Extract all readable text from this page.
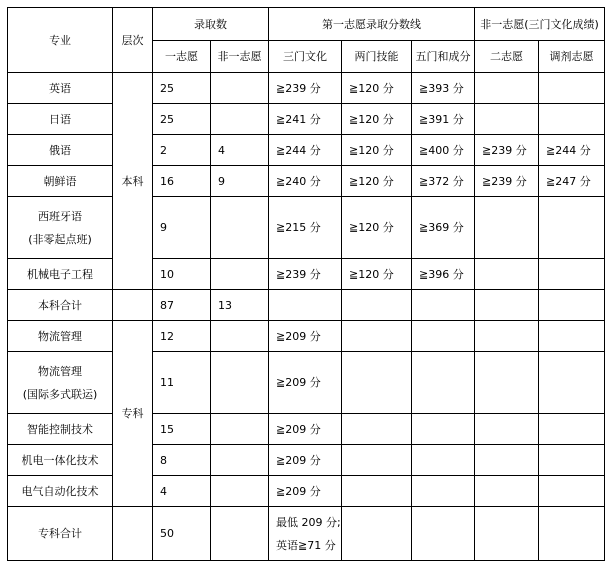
专业	层次	录取数		第一志愿录取分数线			非一志愿(三门文化成绩)	
		一志愿	非一志愿	三门文化	两门技能	五门和成分	二志愿	调剂志愿
英语	本科	25		≧239 分	≧120 分	≧393 分		
日语		25		≧241 分	≧120 分	≧391 分		
俄语		2	4	≧244 分	≧120 分	≧400 分	≧239 分	≧244 分
朝鲜语		16	9	≧240 分	≧120 分	≧372 分	≧239 分	≧247 分

西班牙语
(非零起点班)		9		≧215 分	≧120 分	≧369 分		
机械电子工程		10		≧239 分	≧120 分	≧396 分		
本科合计		87	13					
物流管理	专科	12		≧209 分				

物流管理
(国际多式联运)		11		≧209 分				
智能控制技术		15		≧209 分				
机电一体化技术		8		≧209 分				
电气自动化技术		4		≧209 分				
专科合计		50		最低 209 分;
英语≧71 分				
